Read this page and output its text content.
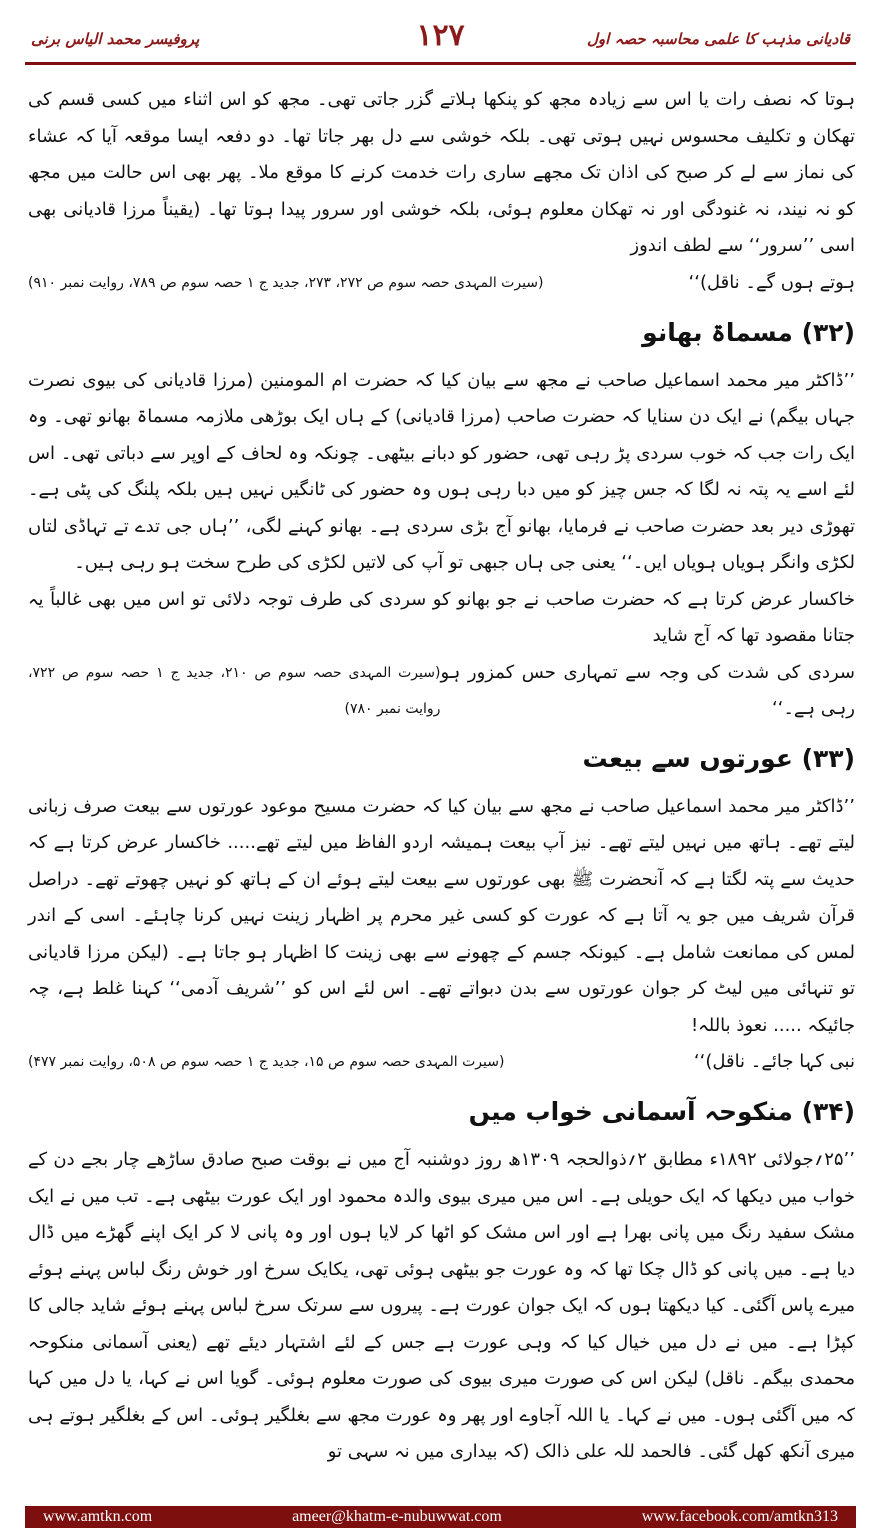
پروفیسر محمد الیاس برنی	۱۲۷	قادیانی مذہب کا علمی محاسبہ حصہ اول

ہوتا کہ نصف رات یا اس سے زیادہ مجھ کو پنکھا ہلاتے گزر جاتی تھی۔ مجھ کو اس اثناء میں کسی قسم کی تھکان و تکلیف محسوس نہیں ہوتی تھی۔ بلکہ خوشی سے دل بھر جاتا تھا۔ دو دفعہ ایسا موقعہ آیا کہ عشاء کی نماز سے لے کر صبح کی اذان تک مجھے ساری رات خدمت کرنے کا موقع ملا۔ پھر بھی اس حالت میں مجھ کو نہ نیند، نہ غنودگی اور نہ تھکان معلوم ہوئی، بلکہ خوشی اور سرور پیدا ہوتا تھا۔ (یقیناً مرزا قادیانی بھی اسی ’’سرور‘‘ سے لطف اندوز

ہوتے ہوں گے۔ ناقل)‘‘
(سیرت المہدی حصہ سوم ص ۲۷۲، ۲۷۳، جدید ج ۱ حصہ سوم ص ۷۸۹، روایت نمبر ۹۱۰)
(۳۲) مسماۃ بھانو

’’ڈاکٹر میر محمد اسماعیل صاحب نے مجھ سے بیان کیا کہ حضرت ام المومنین (مرزا قادیانی کی بیوی نصرت جہاں بیگم) نے ایک دن سنایا کہ حضرت صاحب (مرزا قادیانی) کے ہاں ایک بوڑھی ملازمہ مسماۃ بھانو تھی۔ وہ ایک رات جب کہ خوب سردی پڑ رہی تھی، حضور کو دبانے بیٹھی۔ چونکہ وہ لحاف کے اوپر سے دباتی تھی۔ اس لئے اسے یہ پتہ نہ لگا کہ جس چیز کو میں دبا رہی ہوں وہ حضور کی ٹانگیں نہیں ہیں بلکہ پلنگ کی پٹی ہے۔ تھوڑی دیر بعد حضرت صاحب نے فرمایا، بھانو آج بڑی سردی ہے۔ بھانو کہنے لگی، ’’ہاں جی تدے تے تہاڈی لتاں لکڑی وانگر ہویاں ہویاں ایں۔‘‘ یعنی جی ہاں جبھی تو آپ کی لاتیں لکڑی کی طرح سخت ہو رہی ہیں۔

خاکسار عرض کرتا ہے کہ حضرت صاحب نے جو بھانو کو سردی کی طرف توجہ دلائی تو اس میں بھی غالباً یہ جتانا مقصود تھا کہ آج شاید

سردی کی شدت کی وجہ سے تمہاری حس کمزور ہو رہی ہے۔‘‘
(سیرت المہدی حصہ سوم ص ۲۱۰، جدید ج ۱ حصہ سوم ص ۷۲۲، روایت نمبر ۷۸۰)
(۳۳) عورتوں سے بیعت

’’ڈاکٹر میر محمد اسماعیل صاحب نے مجھ سے بیان کیا کہ حضرت مسیح موعود عورتوں سے بیعت صرف زبانی لیتے تھے۔ ہاتھ میں نہیں لیتے تھے۔ نیز آپ بیعت ہمیشہ اردو الفاظ میں لیتے تھے..... خاکسار عرض کرتا ہے کہ حدیث سے پتہ لگتا ہے کہ آنحضرت ﷺ بھی عورتوں سے بیعت لیتے ہوئے ان کے ہاتھ کو نہیں چھوتے تھے۔ دراصل قرآن شریف میں جو یہ آتا ہے کہ عورت کو کسی غیر محرم پر اظہار زینت نہیں کرنا چاہئے۔ اسی کے اندر لمس کی ممانعت شامل ہے۔ کیونکہ جسم کے چھونے سے بھی زینت کا اظہار ہو جاتا ہے۔ (لیکن مرزا قادیانی تو تنہائی میں لیٹ کر جوان عورتوں سے بدن دبواتے تھے۔ اس لئے اس کو ’’شریف آدمی‘‘ کہنا غلط ہے، چہ جائیکہ ..... نعوذ باللہ!

نبی کہا جائے۔ ناقل)‘‘
(سیرت المہدی حصہ سوم ص ۱۵، جدید ج ۱ حصہ سوم ص ۵۰۸، روایت نمبر ۴۷۷)
(۳۴) منکوحہ آسمانی خواب میں

’’۲۵؍جولائی ۱۸۹۲ء مطابق ۲؍ذوالحجہ ۱۳۰۹ھ روز دوشنبہ آج میں نے بوقت صبح صادق ساڑھے چار بجے دن کے خواب میں دیکھا کہ ایک حویلی ہے۔ اس میں میری بیوی والدہ محمود اور ایک عورت بیٹھی ہے۔ تب میں نے ایک مشک سفید رنگ میں پانی بھرا ہے اور اس مشک کو اٹھا کر لایا ہوں اور وہ پانی لا کر ایک اپنے گھڑے میں ڈال دیا ہے۔ میں پانی کو ڈال چکا تھا کہ وہ عورت جو بیٹھی ہوئی تھی، یکایک سرخ اور خوش رنگ لباس پہنے ہوئے میرے پاس آگئی۔ کیا دیکھتا ہوں کہ ایک جوان عورت ہے۔ پیروں سے سرتک سرخ لباس پہنے ہوئے شاید جالی کا کپڑا ہے۔ میں نے دل میں خیال کیا کہ وہی عورت ہے جس کے لئے اشتہار دیئے تھے (یعنی آسمانی منکوحہ محمدی بیگم۔ ناقل) لیکن اس کی صورت میری بیوی کی صورت معلوم ہوئی۔ گویا اس نے کہا، یا دل میں کہا کہ میں آگئی ہوں۔ میں نے کہا۔ یا اللہ آجاوے اور پھر وہ عورت مجھ سے بغلگیر ہوئی۔ اس کے بغلگیر ہوتے ہی میری آنکھ کھل گئی۔ فالحمد للہ علی ذالک (کہ بیداری میں نہ سہی تو

www.amtkn.com	ameer@khatm-e-nubuwwat.com	www.facebook.com/amtkn313
